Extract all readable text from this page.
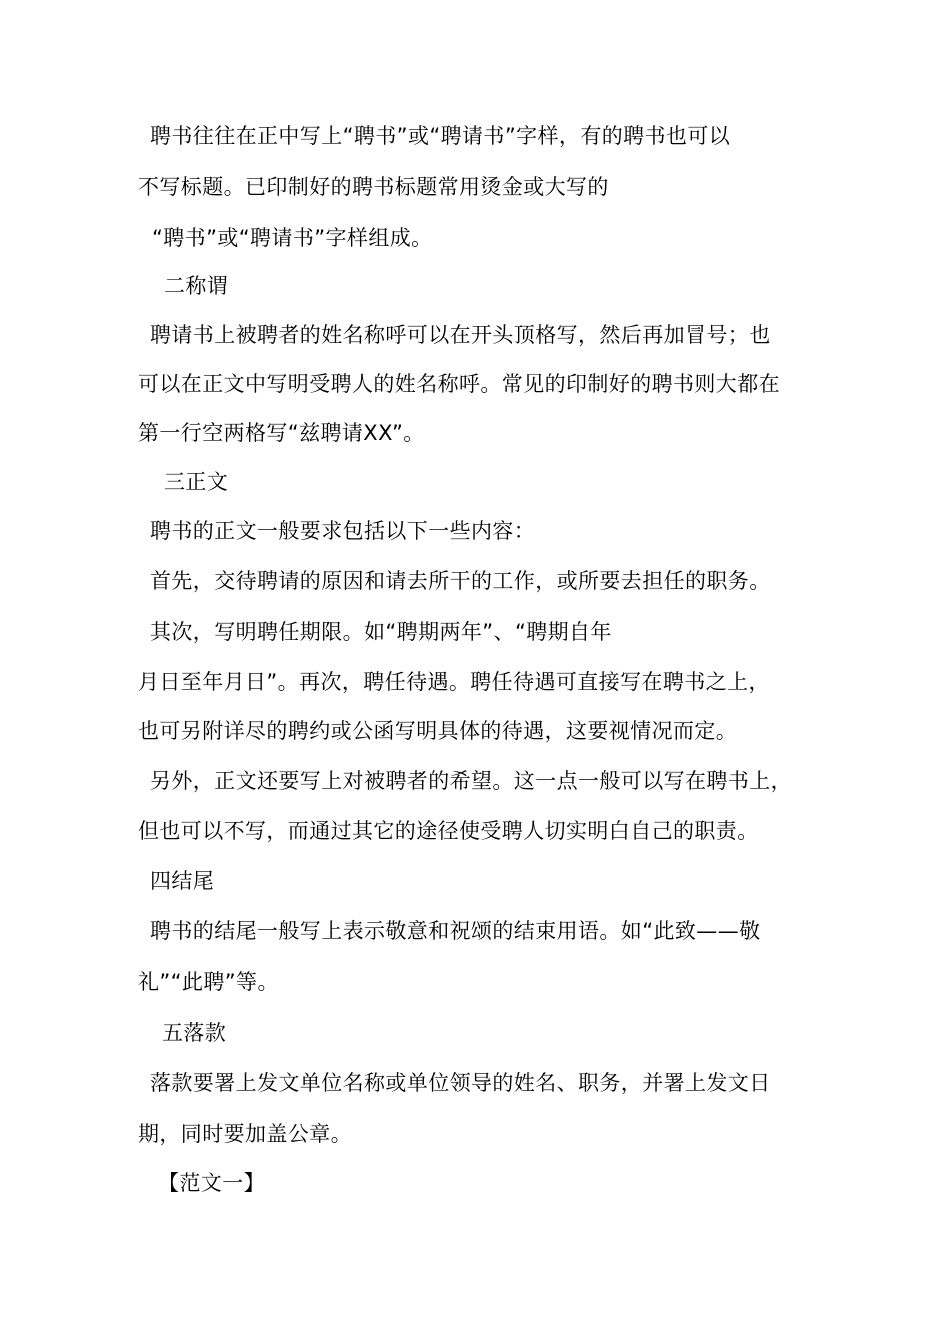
聘书往往在正中写上“聘书”或“聘请书”字样，有的聘书也可以
不写标题。已印制好的聘书标题常用烫金或大写的
“聘书”或“聘请书”字样组成。
二称谓
聘请书上被聘者的姓名称呼可以在开头顶格写，然后再加冒号；也
可以在正文中写明受聘人的姓名称呼。常见的印制好的聘书则大都在
第一行空两格写“兹聘请XX”。
三正文
聘书的正文一般要求包括以下一些内容：
首先，交待聘请的原因和请去所干的工作，或所要去担任的职务。
其次，写明聘任期限。如“聘期两年”、“聘期自年
月日至年月日”。再次，聘任待遇。聘任待遇可直接写在聘书之上，
也可另附详尽的聘约或公函写明具体的待遇，这要视情况而定。
另外，正文还要写上对被聘者的希望。这一点一般可以写在聘书上，
但也可以不写，而通过其它的途径使受聘人切实明白自己的职责。
四结尾
聘书的结尾一般写上表示敬意和祝颂的结束用语。如“此致——敬
礼”“此聘”等。
五落款
落款要署上发文单位名称或单位领导的姓名、职务，并署上发文日
期，同时要加盖公章。
【范文一】
